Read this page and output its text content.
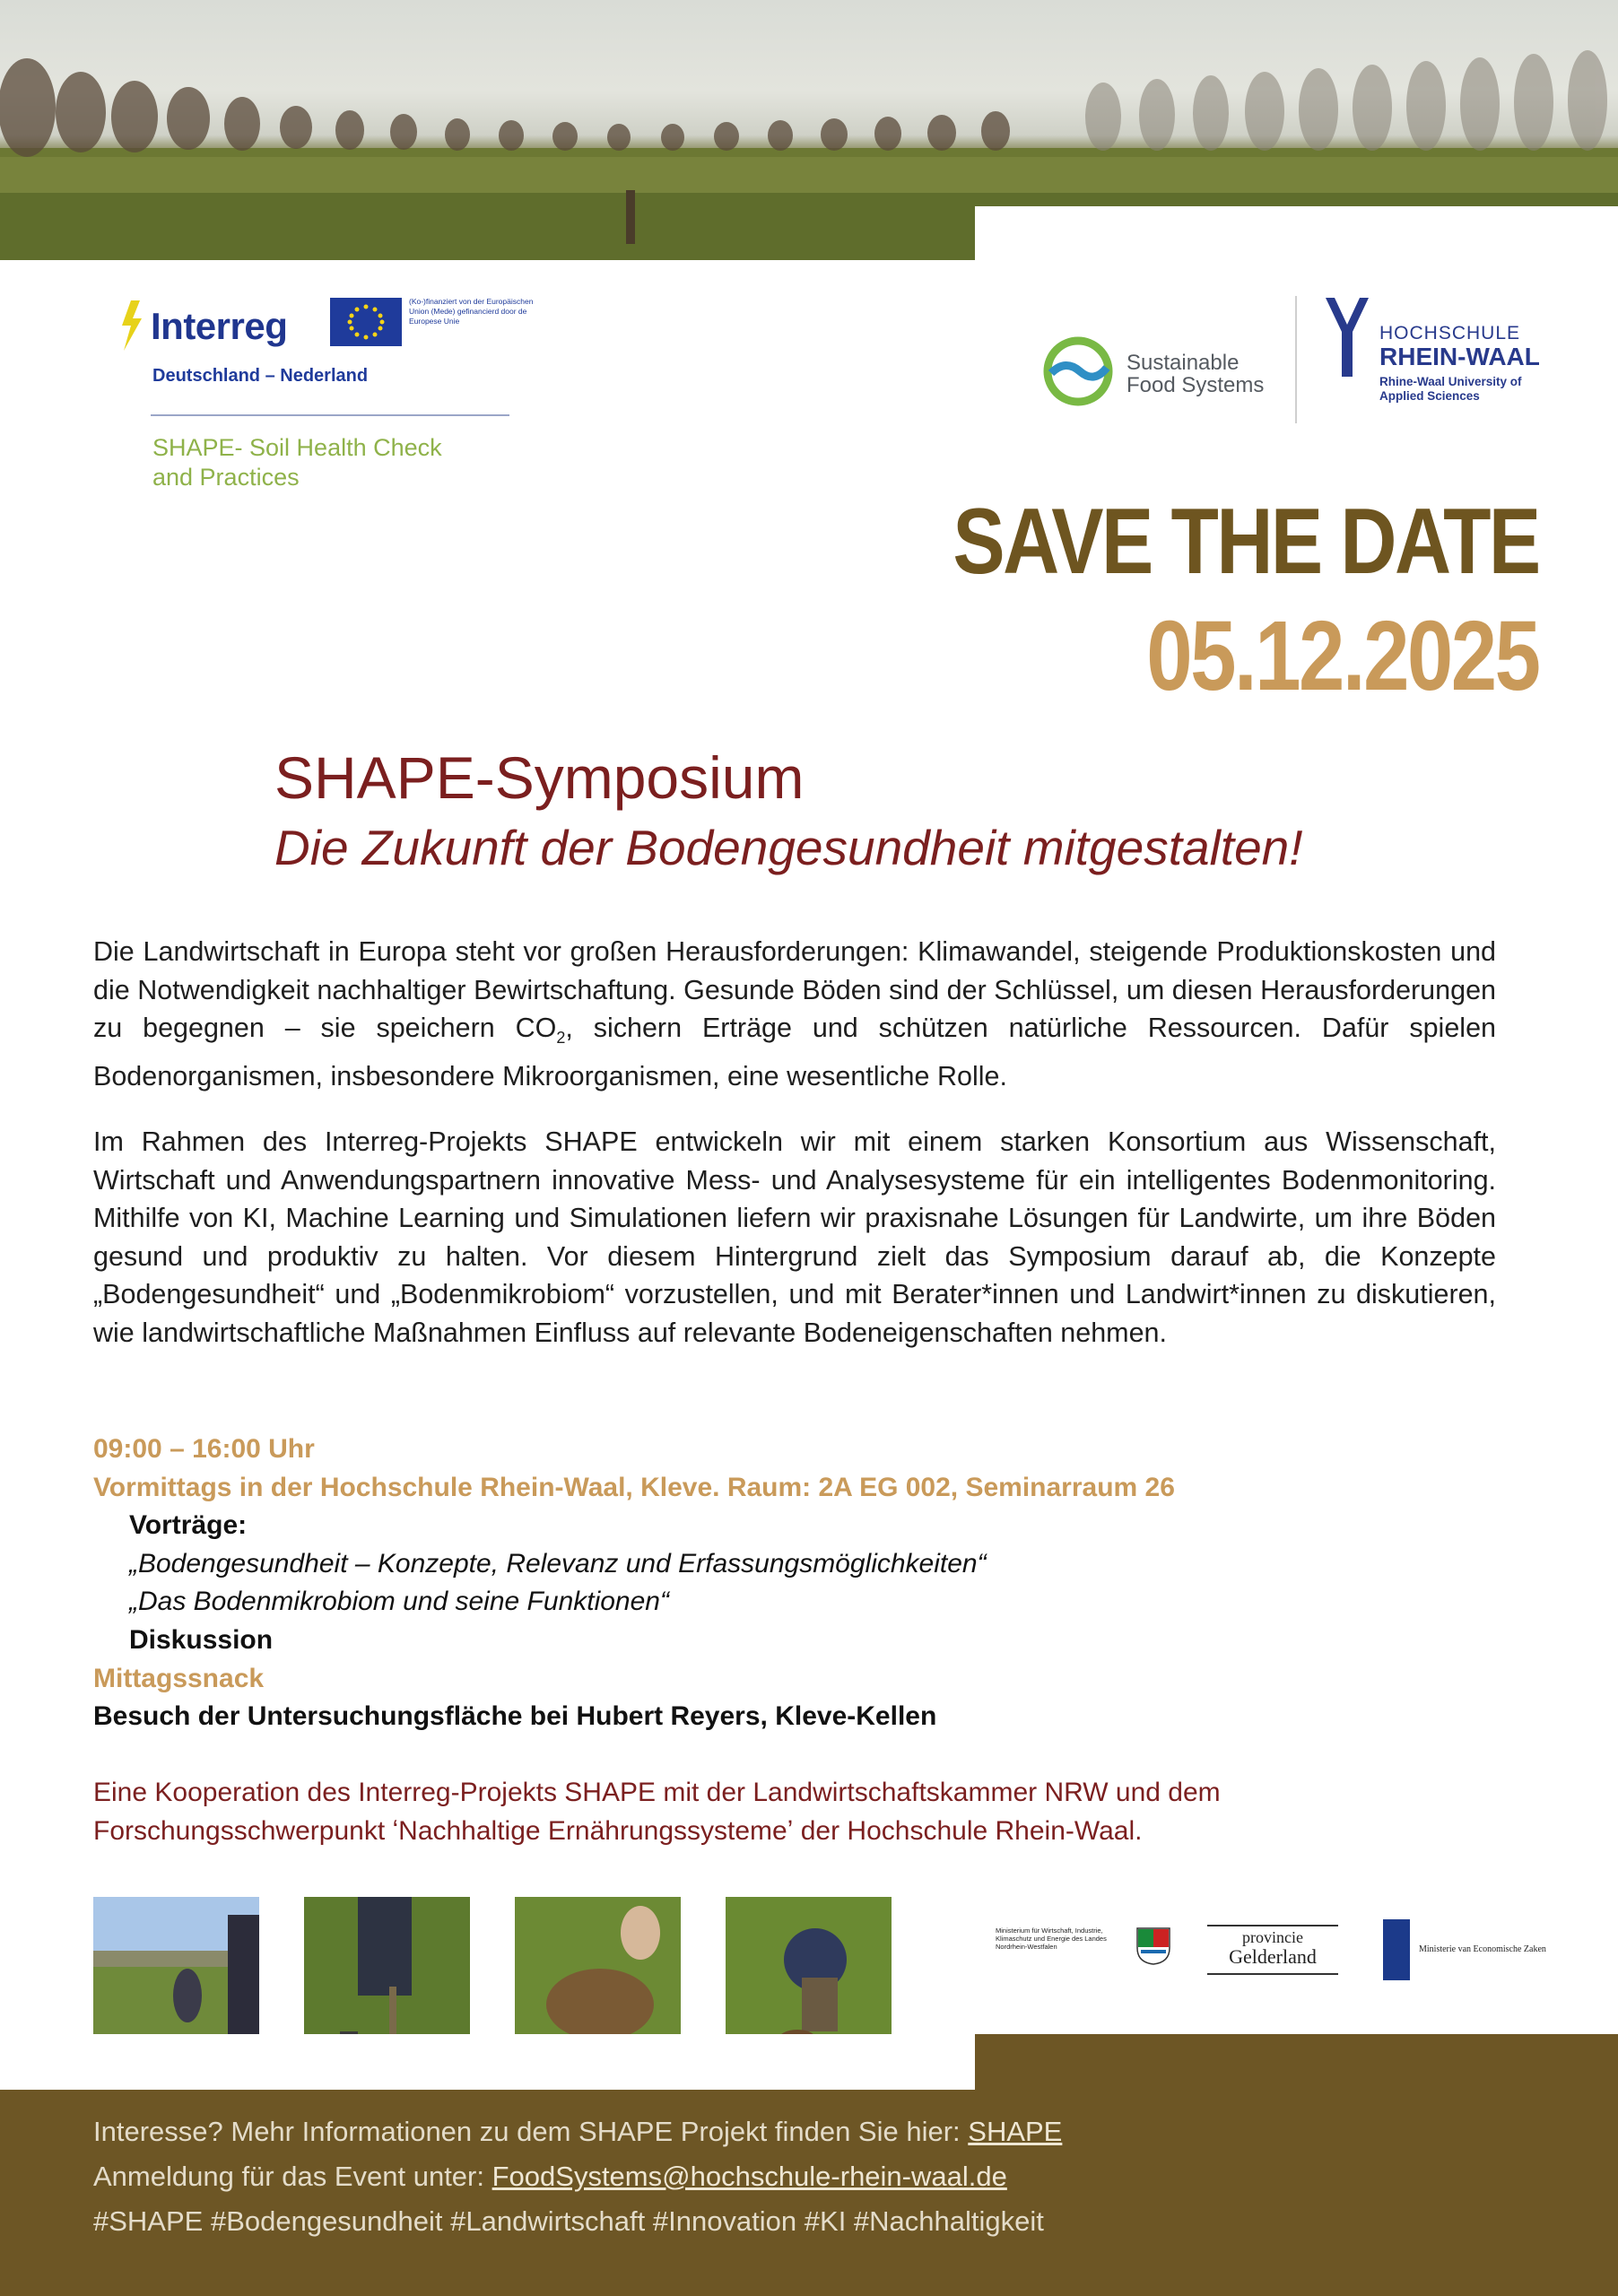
Interreg
(Ko-)finanziert von der Europäischen Union (Mede) gefinancierd door de Europese Unie
Deutschland – Nederland
SHAPE- Soil Health Check and Practices
Sustainable Food Systems
HOCHSCHULE
RHEIN-WAAL
Rhine-Waal University of Applied Sciences
SAVE THE DATE
05.12.2025
SHAPE-Symposium
Die Zukunft der Bodengesundheit mitgestalten!
Die Landwirtschaft in Europa steht vor großen Herausforderungen: Klimawandel, steigende Produktionskosten und die Notwendigkeit nachhaltiger Bewirtschaftung. Gesunde Böden sind der Schlüssel, um diesen Herausforderungen zu begegnen – sie speichern $CO_2$, sichern Erträge und schützen natürliche Ressourcen. Dafür spielen Bodenorganismen, insbesondere Mikroorganismen, eine wesentliche Rolle.
Im Rahmen des Interreg-Projekts SHAPE entwickeln wir mit einem starken Konsortium aus Wissenschaft, Wirtschaft und Anwendungspartnern innovative Mess- und Analysesysteme für ein intelligentes Bodenmonitoring. Mithilfe von KI, Machine Learning und Simulationen liefern wir praxisnahe Lösungen für Landwirte, um ihre Böden gesund und produktiv zu halten. Vor diesem Hintergrund zielt das Symposium darauf ab, die Konzepte „Bodengesundheit“ und „Bodenmikrobiom“ vorzustellen, und mit Berater*innen und Landwirt*innen zu diskutieren, wie landwirtschaftliche Maßnahmen Einfluss auf relevante Bodeneigenschaften nehmen.
09:00 – 16:00 Uhr
Vormittags in der Hochschule Rhein-Waal, Kleve. Raum: 2A EG 002, Seminarraum 26
Vorträge:
„Bodengesundheit – Konzepte, Relevanz und Erfassungsmöglichkeiten“
„Das Bodenmikrobiom und seine Funktionen“
Diskussion
Mittagssnack
Besuch der Untersuchungsfläche bei Hubert Reyers, Kleve-Kellen
Eine Kooperation des Interreg-Projekts SHAPE mit der Landwirtschaftskammer NRW und dem Forschungsschwerpunkt ʻNachhaltige Ernährungssystemeʼ der Hochschule Rhein-Waal.
Ministerium für Wirtschaft, Industrie, Klimaschutz und Energie des Landes Nordrhein-Westfalen
provincie
Gelderland	Ministerie van Economische Zaken
Interesse? Mehr Informationen zu dem SHAPE Projekt finden Sie hier: SHAPE
Anmeldung für das Event unter: FoodSystems@hochschule-rhein-waal.de
#SHAPE #Bodengesundheit #Landwirtschaft #Innovation #KI #Nachhaltigkeit
